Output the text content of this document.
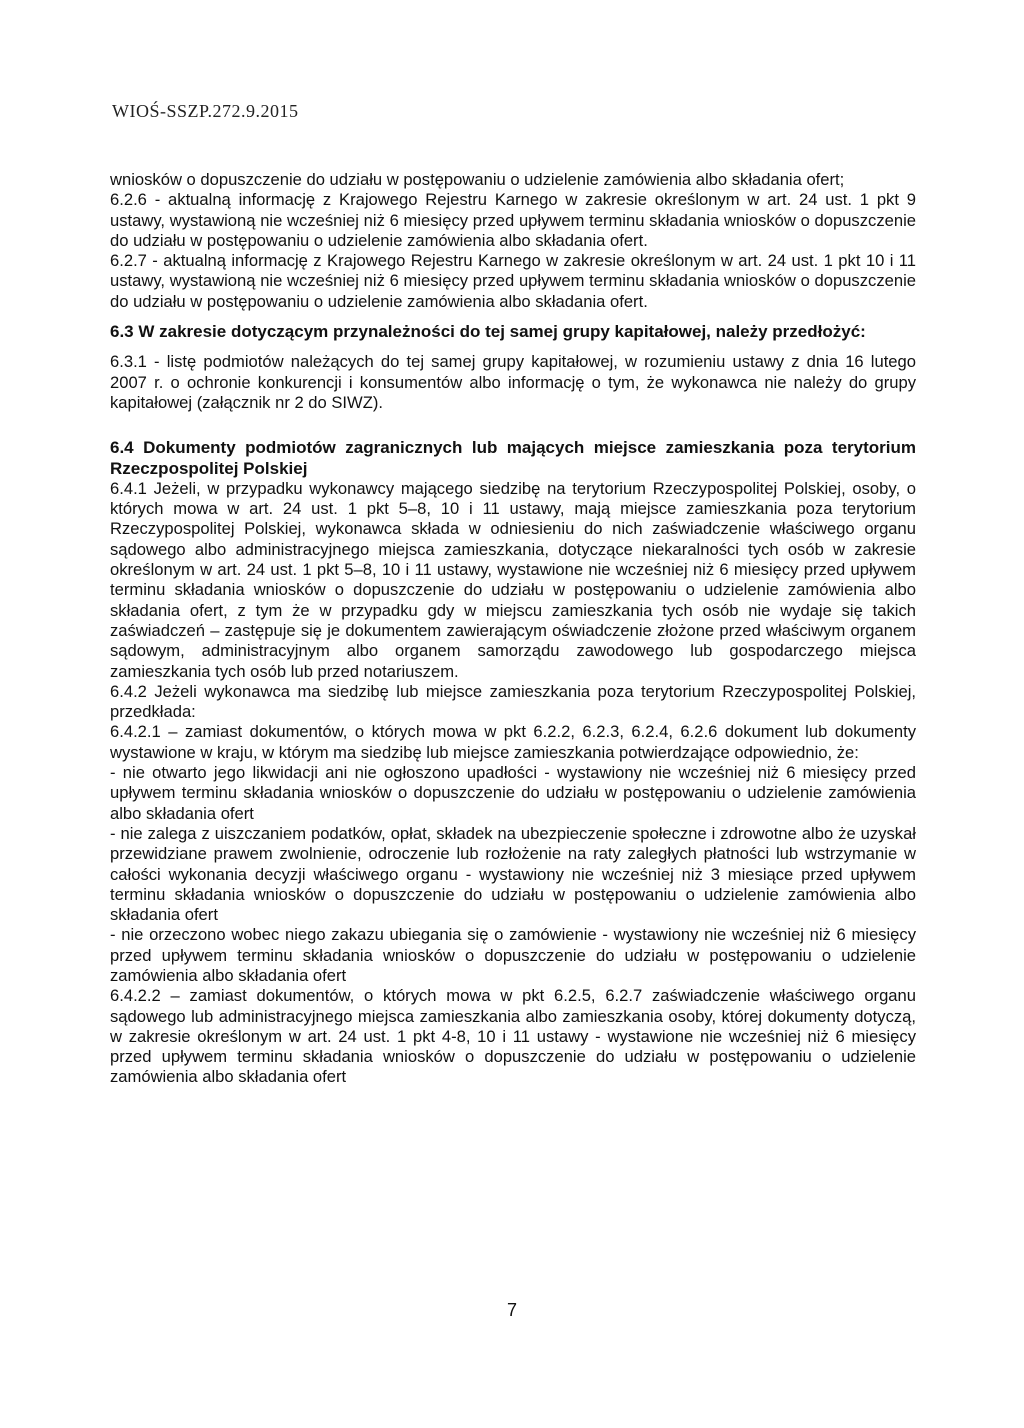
WIOŚ-SSZP.272.9.2015

wniosków o dopuszczenie do udziału w postępowaniu o udzielenie zamówienia albo składania ofert;

6.2.6 - aktualną informację z Krajowego Rejestru Karnego w zakresie określonym w art. 24 ust. 1 pkt 9 ustawy, wystawioną nie wcześniej niż 6 miesięcy przed upływem terminu składania wniosków o dopuszczenie do udziału w postępowaniu o udzielenie zamówienia albo składania ofert.

6.2.7 - aktualną informację z Krajowego Rejestru Karnego w zakresie określonym w art. 24 ust. 1 pkt 10 i 11 ustawy, wystawioną nie wcześniej niż 6 miesięcy przed upływem terminu składania wniosków o dopuszczenie do udziału w postępowaniu o udzielenie zamówienia albo składania ofert.

6.3 W zakresie dotyczącym przynależności do tej samej grupy kapitałowej, należy przedłożyć:

6.3.1 - listę podmiotów należących do tej samej grupy kapitałowej, w rozumieniu ustawy z dnia 16 lutego 2007 r. o ochronie konkurencji i konsumentów albo informację o tym, że wykonawca nie należy do grupy kapitałowej (załącznik nr 2 do SIWZ).

6.4 Dokumenty podmiotów zagranicznych lub mających miejsce zamieszkania poza terytorium Rzeczpospolitej Polskiej

6.4.1 Jeżeli, w przypadku wykonawcy mającego siedzibę na terytorium Rzeczypospolitej Polskiej, osoby, o których mowa w art. 24 ust. 1 pkt 5–8, 10 i 11 ustawy, mają miejsce zamieszkania poza terytorium Rzeczypospolitej Polskiej, wykonawca składa w odniesieniu do nich zaświadczenie właściwego organu sądowego albo administracyjnego miejsca zamieszkania, dotyczące niekaralności tych osób w zakresie określonym w art. 24 ust. 1 pkt 5–8, 10 i 11 ustawy, wystawione nie wcześniej niż 6 miesięcy przed upływem terminu składania wniosków o dopuszczenie do udziału w postępowaniu o udzielenie zamówienia albo składania ofert, z tym że w przypadku gdy w miejscu zamieszkania tych osób nie wydaje się takich zaświadczeń – zastępuje się je dokumentem zawierającym oświadczenie złożone przed właściwym organem sądowym, administracyjnym albo organem samorządu zawodowego lub gospodarczego miejsca zamieszkania tych osób lub przed notariuszem.

6.4.2 Jeżeli wykonawca ma siedzibę lub miejsce zamieszkania poza terytorium Rzeczypospolitej Polskiej, przedkłada:

6.4.2.1 – zamiast dokumentów, o których mowa w pkt 6.2.2, 6.2.3, 6.2.4, 6.2.6 dokument lub dokumenty wystawione w kraju, w którym ma siedzibę lub miejsce zamieszkania potwierdzające odpowiednio, że:

- nie otwarto jego likwidacji ani nie ogłoszono upadłości - wystawiony nie wcześniej niż 6 miesięcy przed upływem terminu składania wniosków o dopuszczenie do udziału w postępowaniu o udzielenie zamówienia albo składania ofert

- nie zalega z uiszczaniem podatków, opłat, składek na ubezpieczenie społeczne i zdrowotne albo że uzyskał przewidziane prawem zwolnienie, odroczenie lub rozłożenie na raty zaległych płatności lub wstrzymanie w całości wykonania decyzji właściwego organu - wystawiony nie wcześniej niż 3 miesiące przed upływem terminu składania wniosków o dopuszczenie do udziału w postępowaniu o udzielenie zamówienia albo składania ofert

- nie orzeczono wobec niego zakazu ubiegania się o zamówienie - wystawiony nie wcześniej niż 6 miesięcy przed upływem terminu składania wniosków o dopuszczenie do udziału w postępowaniu o udzielenie zamówienia albo składania ofert

6.4.2.2 – zamiast dokumentów, o których mowa w pkt 6.2.5, 6.2.7 zaświadczenie właściwego organu sądowego lub administracyjnego miejsca zamieszkania albo zamieszkania osoby, której dokumenty dotyczą, w zakresie określonym w art. 24 ust. 1 pkt 4-8, 10 i 11 ustawy - wystawione nie wcześniej niż 6 miesięcy przed upływem terminu składania wniosków o dopuszczenie do udziału w postępowaniu o udzielenie zamówienia albo składania ofert

7
